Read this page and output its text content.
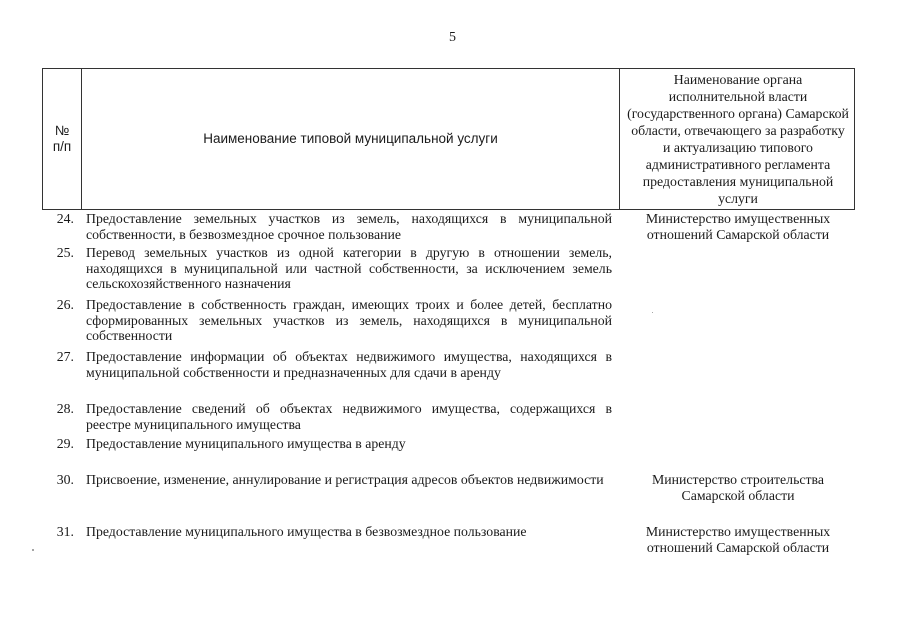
5
№
п/п
Наименование типовой муниципальной услуги
Наименование органа исполнительной власти (государственного органа) Самарской области, отвечающего за разработку и актуализацию типового административного регламента предоставления муниципальной услуги
24. Предоставление земельных участков из земель, находящихся в муниципальной собственности, в безвозмездное срочное пользование
25. Перевод земельных участков из одной категории в другую в отношении земель, находящихся в муниципальной или частной собственности, за исключением земель сельскохозяйственного назначения
26. Предоставление в собственность граждан, имеющих троих и более детей, бесплатно сформированных земельных участков из земель, находящихся в муниципальной собственности
27. Предоставление информации об объектах недвижимого имущества, находящихся в муниципальной собственности и предназначенных для сдачи в аренду
28. Предоставление сведений об объектах недвижимого имущества, содержащихся в реестре муниципального имущества
29. Предоставление муниципального имущества в аренду
30. Присвоение, изменение, аннулирование и регистрация адресов объектов недвижимости
31. Предоставление муниципального имущества в безвозмездное пользование
Министерство имущественных отношений Самарской области
Министерство строительства Самарской области
Министерство имущественных отношений Самарской области
